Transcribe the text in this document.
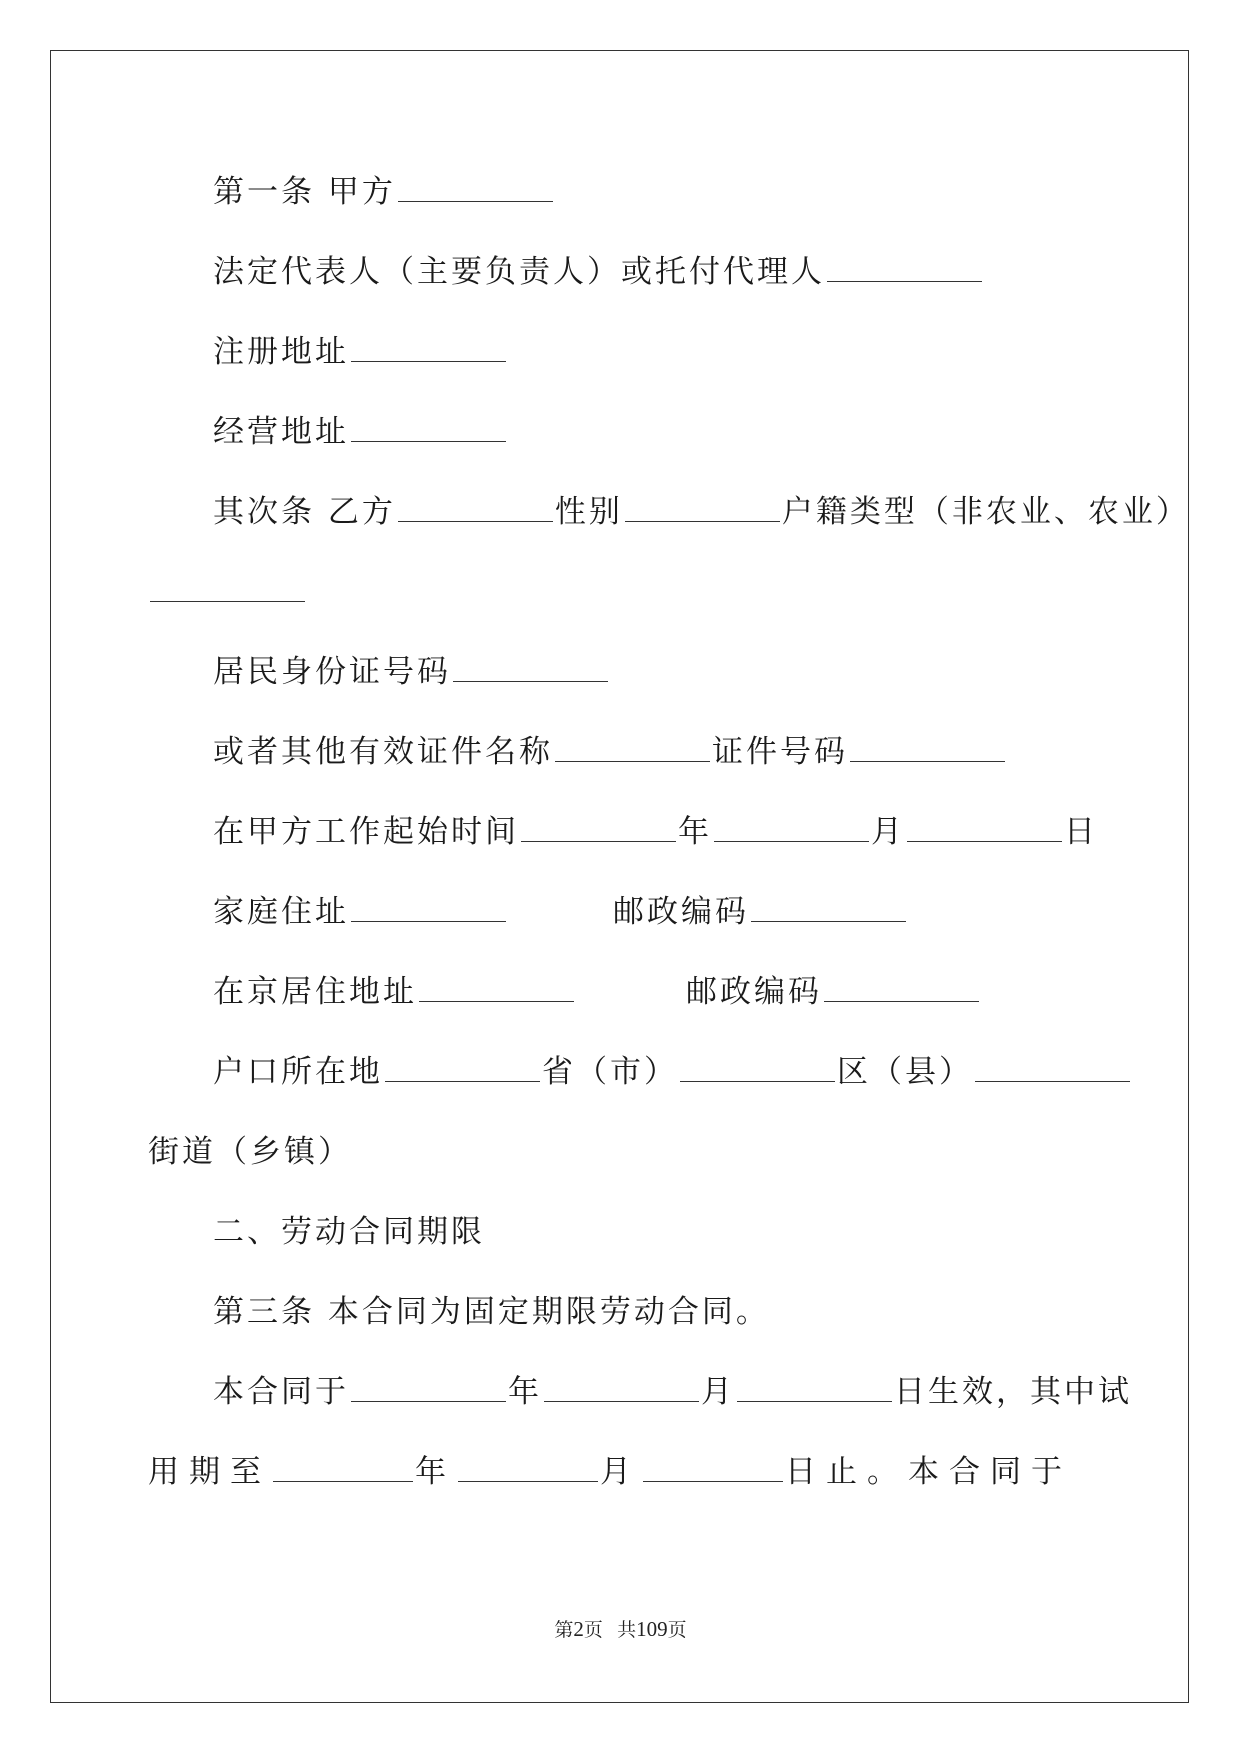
第一条 甲方
法定代表人（主要负责人）或托付代理人
注册地址
经营地址
其次条 乙方	性别	户籍类型（非农业、农业）
居民身份证号码
或者其他有效证件名称	证件号码
在甲方工作起始时间	年	月	日
家庭住址	邮政编码
在京居住地址	邮政编码
户口所在地	省（市）	区（县）
街道（乡镇）
二、劳动合同期限
第三条 本合同为固定期限劳动合同。
本合同于	年	月	日生效，其中试
用期至	年	月	日止。本合同于
第2页   共109页
